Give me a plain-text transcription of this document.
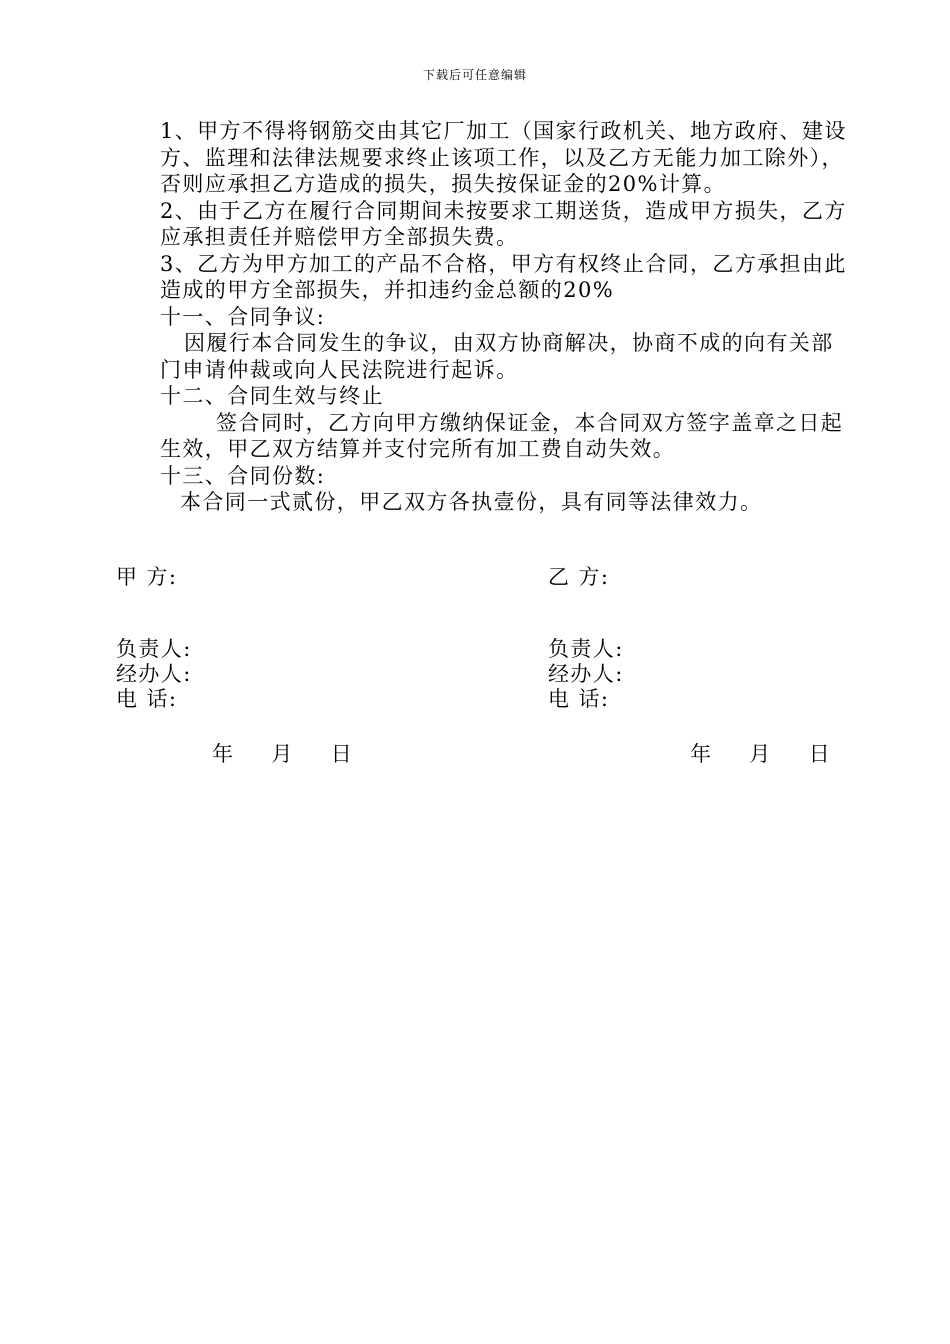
下载后可任意编辑

1、甲方不得将钢筋交由其它厂加工（国家行政机关、地方政府、建设方、监理和法律法规要求终止该项工作，以及乙方无能力加工除外），否则应承担乙方造成的损失，损失按保证金的20%计算。

2、由于乙方在履行合同期间未按要求工期送货，造成甲方损失，乙方应承担责任并赔偿甲方全部损失费。

3、乙方为甲方加工的产品不合格，甲方有权终止合同，乙方承担由此造成的甲方全部损失，并扣违约金总额的20%

十一、合同争议:

因履行本合同发生的争议，由双方协商解决，协商不成的向有关部门申请仲裁或向人民法院进行起诉。

十二、合同生效与终止

签合同时，乙方向甲方缴纳保证金，本合同双方签字盖章之日起生效，甲乙双方结算并支付完所有加工费自动失效。

十三、合同份数:

本合同一式贰份，甲乙双方各执壹份，具有同等法律效力。

甲 方:
负责人:
经办人:
电 话:
年 月 日
乙 方:
负责人:
经办人:
电 话:
年 月 日
